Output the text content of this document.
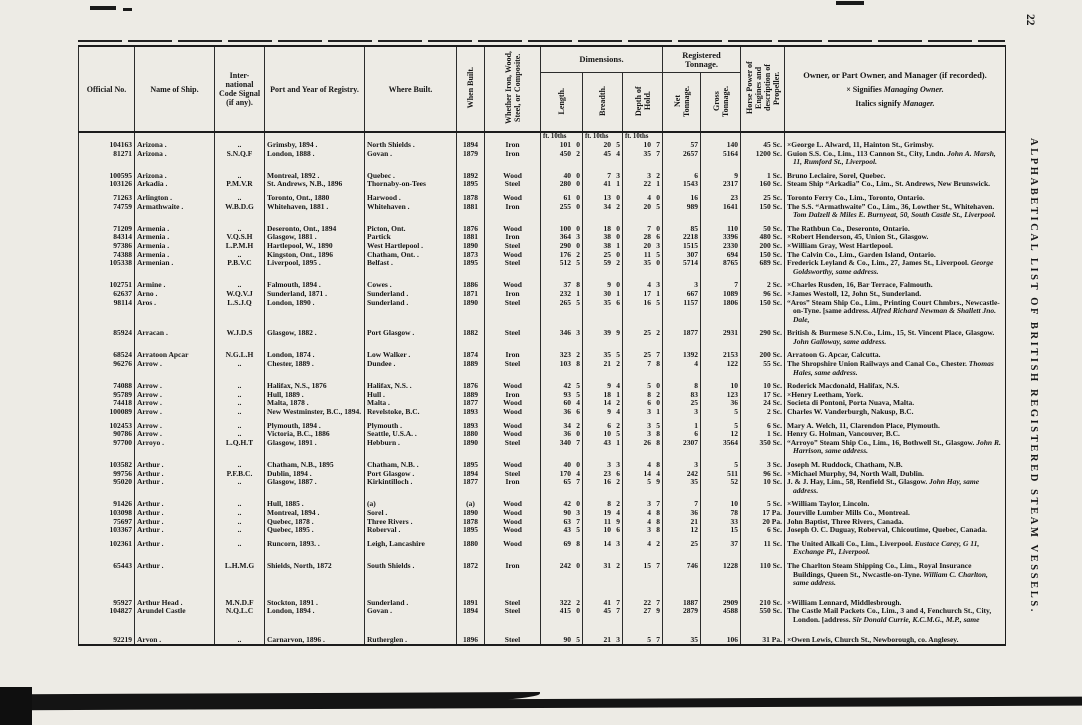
22
ALPHABETICAL LIST OF BRITISH REGISTERED STEAM VESSELS.
Official No.	Name of Ship.	Inter-national Code Signal (if any).	Port and Year of Registry.	Where Built.	When Built.	Whether Iron, Wood, Steel, or Composite.	Dimensions.			Registered Tonnage.		Horse Power of Engines and description of Propeller.	Owner, or Part Owner, and Manager (if recorded).
× Signifies Managing Owner.
Italics signify Manager.

							Length.	Breadth.	Depth of Hold.	Net Tonnage.	Gross Tonnage.		
							ft. 10ths	ft. 10ths	ft. 10ths				
104163	Arizona .	..	Grimsby, 1894 .	North Shields .	1894	Iron	101 0	20 5	10 7	57	140	45 Sc.	×George L. Alward, 11, Hainton St., Grimsby.
81271	Arizona .	S.N.Q.F	London, 1888 .	Govan .	1879	Iron	450 2	45 4	35 7	2657	5164	1200 Sc.	Guion S.S. Co., Lim., 113 Cannon St., City, Lndn. John A. Marsh, 11, Rumford St., Liverpool.
100595	Arizona .	..	Montreal, 1892 .	Quebec .	1892	Wood	40 0	7 3	3 2	6	9	1 Sc.	Bruno Leclaire, Sorel, Quebec.
103126	Arkadia .	P.M.V.R	St. Andrews, N.B., 1896	Thornaby-on-Tees	1895	Steel	280 0	41 1	22 1	1543	2317	160 Sc.	Steam Ship “Arkadia” Co., Lim., St. Andrews, New Brunswick.
71263	Arlington .	..	Toronto, Ont., 1880	Harwood .	1878	Wood	61 0	13 0	4 0	16	23	25 Sc.	Toronto Ferry Co., Lim., Toronto, Ontario.
74759	Armathwaite .	W.B.D.G	Whitehaven, 1881 .	Whitehaven .	1881	Iron	255 0	34 2	20 5	989	1641	150 Sc.	The S.S. “Armathwaite” Co., Lim., 36, Lowther St., Whitehaven. Tom Dalzell & Miles E. Burnyeat, 50, South Castle St., Liverpool.
71209	Armenia .	..	Deseronto, Ont., 1894	Picton, Ont.	1876	Wood	100 0	18 0	7 0	85	110	50 Sc.	The Rathbun Co., Deseronto, Ontario.
84314	Armenia .	V.Q.S.H	Glasgow, 1881 .	Partick	1881	Iron	364 3	38 0	28 6	2218	3396	480 Sc.	×Robert Henderson, 45, Union St., Glasgow.
97386	Armenia .	L.P.M.H	Hartlepool, W., 1890	West Hartlepool .	1890	Steel	290 0	38 1	20 3	1515	2330	200 Sc.	×William Gray, West Hartlepool.
74388	Armenia .	..	Kingston, Ont., 1896	Chatham, Ont. .	1873	Wood	176 2	25 0	11 5	307	694	150 Sc.	The Calvin Co., Lim., Garden Island, Ontario.
105338	Armenian .	P.B.V.C	Liverpool, 1895 .	Belfast .	1895	Steel	512 5	59 2	35 0	5714	8765	689 Sc.	Frederick Leyland & Co., Lim., 27, James St., Liverpool. George Goldsworthy, same address.
102751	Armine .	..	Falmouth, 1894 .	Cowes .	1886	Wood	37 8	9 0	4 3	3	7	2 Sc.	×Charles Rusden, 16, Bar Terrace, Falmouth.
62637	Arno .	W.Q.V.J	Sunderland, 1871 .	Sunderland .	1871	Iron	232 1	30 1	17 1	667	1089	96 Sc.	×James Westoll, 12, John St., Sunderland.
98114	Aros .	L.S.J.Q	London, 1890 .	Sunderland .	1890	Steel	265 5	35 6	16 5	1157	1806	150 Sc.	“Aros” Steam Ship Co., Lim., Printing Court Chmbrs., Newcastle-on-Tyne. [same address. Alfred Richard Newman & Shallett Jno. Dale,
85924	Arracan .	W.J.D.S	Glasgow, 1882 .	Port Glasgow .	1882	Steel	346 3	39 9	25 2	1877	2931	290 Sc.	British & Burmese S.N.Co., Lim., 15, St. Vincent Place, Glasgow. John Galloway, same address.
68524	Arratoon Apcar	N.G.L.H	London, 1874 .	Low Walker .	1874	Iron	323 2	35 5	25 7	1392	2153	200 Sc.	Arratoon G. Apcar, Calcutta.
96276	Arrow .	..	Chester, 1889 .	Dundee .	1889	Steel	103 8	21 2	7 8	4	122	55 Sc.	The Shropshire Union Railways and Canal Co., Chester. Thomas Hales, same address.
74088	Arrow .	..	Halifax, N.S., 1876	Halifax, N.S. .	1876	Wood	42 5	9 4	5 0	8	10	10 Sc.	Roderick Macdonald, Halifax, N.S.
95789	Arrow .	..	Hull, 1889 .	Hull .	1889	Iron	93 5	18 1	8 2	83	123	17 Sc.	×Henry Leetham, York.
74418	Arrow .	..	Malta, 1878 .	Malta .	1877	Wood	60 4	14 2	6 0	25	36	24 Sc.	Societa di Pontoni, Porta Nuava, Malta.
100089	Arrow .	..	New Westminster, B.C., 1894.	Revelstoke, B.C.	1893	Wood	36 6	9 4	3 1	3	5	2 Sc.	Charles W. Vanderburgh, Nakusp, B.C.
102453	Arrow .	..	Plymouth, 1894 .	Plymouth .	1893	Wood	34 2	6 2	3 5	1	5	6 Sc.	Mary A. Welch, 11, Clarendon Place, Plymouth.
90786	Arrow .	..	Victoria, B.C., 1886	Seattle, U.S.A. .	1880	Wood	36 0	10 5	3 8	6	12	1 Sc.	Henry G. Holman, Vancouver, B.C.
97700	Arroyo .	L.Q.H.T	Glasgow, 1891 .	Hebburn .	1890	Steel	340 7	43 1	26 8	2307	3564	350 Sc.	“Arroyo” Steam Ship Co., Lim., 16, Bothwell St., Glasgow. John R. Harrison, same address.
103582	Arthur .	..	Chatham, N.B., 1895	Chatham, N.B. .	1895	Wood	40 0	3 3	4 8	3	5	3 Sc.	Joseph M. Ruddock, Chatham, N.B.
99756	Arthur .	P.F.B.C.	Dublin, 1894 .	Port Glasgow .	1894	Steel	170 4	23 6	14 4	242	511	96 Sc.	×Michael Murphy, 94, North Wall, Dublin.
95020	Arthur .	..	Glasgow, 1887 .	Kirkintilloch .	1877	Iron	65 7	16 2	5 9	35	52	10 Sc.	J. & J. Hay, Lim., 58, Renfield St., Glasgow. John Hay, same address.
91426	Arthur .	..	Hull, 1885 .	(a)	(a)	Wood	42 0	8 2	3 7	7	10	5 Sc.	×William Taylor, Lincoln.
103098	Arthur .	..	Montreal, 1894 .	Sorel .	1890	Wood	90 3	19 4	4 8	36	78	17 Pa.	Jourville Lumber Mills Co., Montreal.
75697	Arthur .	..	Quebec, 1878 .	Three Rivers .	1878	Wood	63 7	11 9	4 8	21	33	20 Pa.	John Baptist, Three Rivers, Canada.
103367	Arthur .	..	Quebec, 1895 .	Roberval .	1895	Wood	43 5	10 6	3 8	12	15	6 Sc.	Joseph O. C. Duguay, Roberval, Chicoutime, Quebec, Canada.
102361	Arthur .	..	Runcorn, 1893. .	Leigh, Lancashire	1880	Wood	69 8	14 3	4 2	25	37	11 Sc.	The United Alkali Co., Lim., Liverpool. Eustace Carey, G 11, Exchange Pl., Liverpool.
65443	Arthur .	L.H.M.G	Shields, North, 1872	South Shields .	1872	Iron	242 0	31 2	15 7	746	1228	110 Sc.	The Charlton Steam Shipping Co., Lim., Royal Insurance Buildings, Queen St., Nwcastle-on-Tyne. William C. Charlton, same address.
95927	Arthur Head .	M.N.D.F	Stockton, 1891 .	Sunderland .	1891	Steel	322 2	41 7	22 7	1887	2909	210 Sc.	×William Lennard, Middlesbrough.
104827	Arundel Castle	N.Q.L.C	London, 1894 .	Govan .	1894	Steel	415 0	45 7	27 9	2879	4588	550 Sc.	The Castle Mail Packets Co., Lim., 3 and 4, Fenchurch St., City, London. [address. Sir Donald Currie, K.C.M.G., M.P., same
92219	Arvon .	..	Carnarvon, 1896 .	Rutherglen .	1896	Steel	90 5	21 3	5 7	35	106	31 Pa.	×Owen Lewis, Church St., Newborough, co. Anglesey.
